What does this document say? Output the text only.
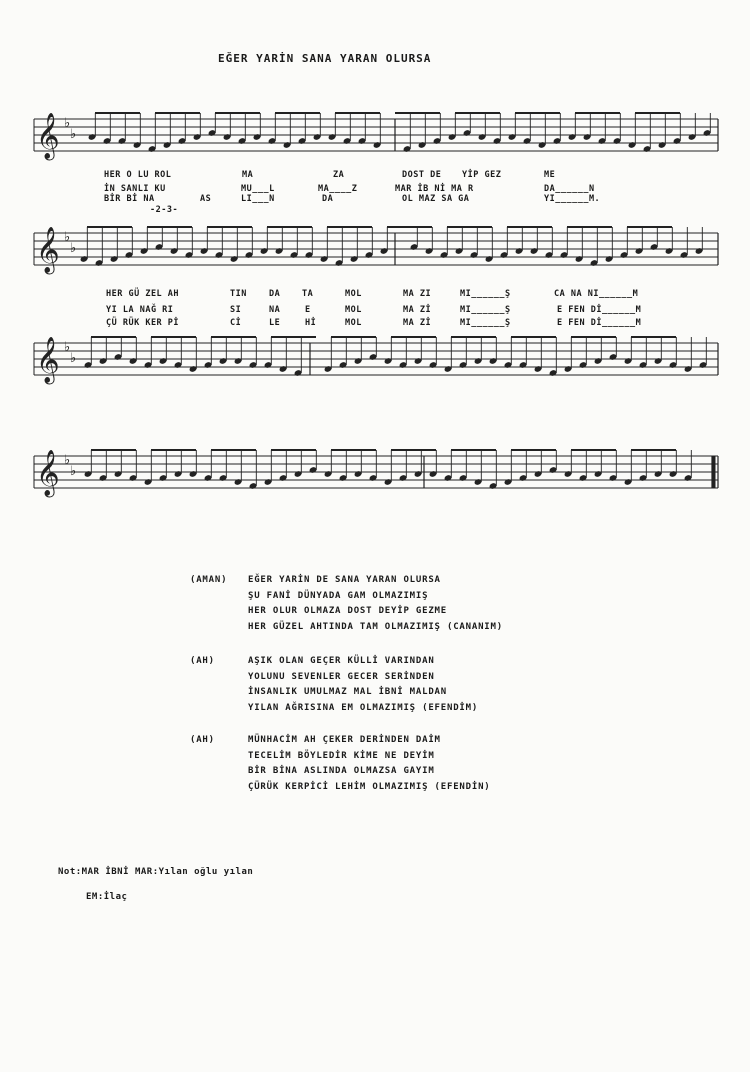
EĞER YARİN SANA YARAN OLURSA
𝄞 ♭
♭
𝄞 ♭
♭
𝄞 ♭
♭
𝄞 ♭
♭
HER O LU ROL	MA	ZA	DOST DE YİP GEZ	ME
İN SANLI KU	MU___L	MA____Z	MAR İB Nİ MA R	DA______N
BİR Bİ NA	AS	LI___N	DA	OL MAZ SA GA	YI______M.
-2-3-
HER GÜ ZEL AH	TIN	DA	TA	MOL	MA ZI	MI______Ş	CA NA NI______M
YI LA NAĞ RI	SI	NA	E	MOL	MA Zİ	MI______Ş	E FEN Dİ______M
ÇÜ RÜK KER Pİ	Cİ	LE	Hİ	MOL	MA Zİ	MI______Ş	E FEN Dİ______M
(AMAN) EĞER YARİN DE SANA YARAN OLURSA
ŞU FANİ DÜNYADA GAM OLMAZIMIŞ
HER OLUR OLMAZA DOST DEYİP GEZME
HER GÜZEL AHTINDA TAM OLMAZIMIŞ (CANANIM)
(AH)	AŞIK OLAN GEÇER KÜLLİ VARINDAN
YOLUNU SEVENLER GECER SERİNDEN
İNSANLIK UMULMAZ MAL İBNİ MALDAN
YILAN AĞRISINA EM OLMAZIMIŞ (EFENDİM)
(AH)	MÜNHACİM AH ÇEKER DERİNDEN DAİM
TECELİM BÖYLEDİR KİME NE DEYİM
BİR BİNA ASLINDA OLMAZSA GAYIM
ÇÜRÜK KERPİCİ LEHİM OLMAZIMIŞ (EFENDİN)
Not:MAR İBNİ MAR:Yılan oğlu yılan
EM:İlaç
